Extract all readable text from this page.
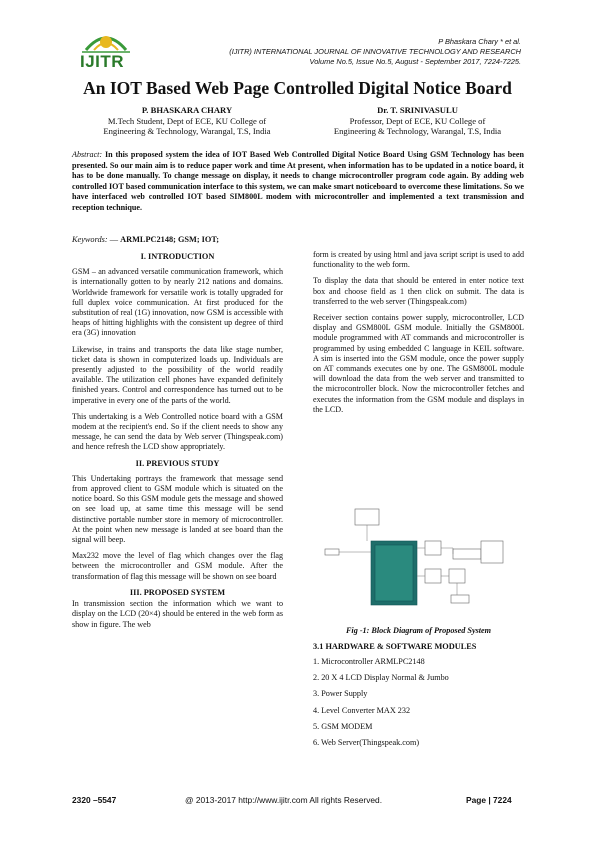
P Bhaskara Chary * et al.
(IJITR) INTERNATIONAL JOURNAL OF INNOVATIVE TECHNOLOGY AND RESEARCH
Volume No.5, Issue No.5, August - September 2017, 7224-7225.
IJITR
An IOT Based Web Page Controlled Digital Notice Board
P. BHASKARA CHARY
M.Tech Student, Dept of ECE, KU College of
Engineering & Technology, Warangal, T.S, India
Dr. T. SRINIVASULU
Professor, Dept of ECE, KU College of
Engineering & Technology, Warangal, T.S, India
Abstract: In this proposed system the idea of IOT Based Web Controlled Digital Notice Board Using GSM Technology has been presented. So our main aim is to reduce paper work and time At present, when information has to be updated in a notice board, it has to be done manually. To change message on display, it needs to change microcontroller program code again. By adding web controlled IOT based communication interface to this system, we can make smart noticeboard to overcome these limitations. So we have interfaced web controlled IOT based SIM800L modem with microcontroller and implemented a text transmission and reception technique.
Keywords: — ARMLPC2148; GSM; IOT;
I. INTRODUCTION

GSM – an advanced versatile communication framework, which is internationally gotten to by nearly 212 nations and domains. Worldwide framework for versatile work is totally upgraded for full duplex voice communication. At first produced for the substitution of real (1G) innovation, now GSM is accessible with heaps of hitting highlights with the consistent up degree of third era (3G) innovation

Likewise, in trains and transports the data like stage number, ticket data is shown in computerized loads up. Individuals are presently adjusted to the possibility of the world readily available. The utilization cell phones have expanded definitely finished years. Control and correspondence has turned out to be imperative in every one of the parts of the world.

This undertaking is a Web Controlled notice board with a GSM modem at the recipient's end. So if the client needs to show any message, he can send the data by Web server (Thingspeak.com) and hence refresh the LCD show appropriately.

II. PREVIOUS STUDY

This Undertaking portrays the framework that message send from approved client to GSM module which is situated on the notice board. So this GSM module gets the message and showed on see load up, at same time this message will be send distinctive portable number store in memory of microcontroller. At the point when new message is landed at see board than the signal will beep.

Max232 move the level of flag which changes over the flag between the microcontroller and GSM module. After the transformation of flag this message will be shown on see board

III. PROPOSED SYSTEM

In transmission section the information which we want to display on the LCD (20×4) should be entered in the web form as show in figure. The web

form is created by using html and java script script is used to add functionality to the web form.

To display the data that should be entered in enter notice text box and choose field as 1 then click on submit. The data is transferred to the web server (Thingspeak.com)

Receiver section contains power supply, microcontroller, LCD display and GSM800L GSM module. Initially the GSM800L module programmed with AT commands and microcontroller is programmed by using embedded C language in KEIL software. A sim is inserted into the GSM module, once the power supply on AT commands executes one by one. The GSM800L module will download the data from the web server and transmitted to the microcontroller block. Now the microcontroller fetches and executes the information from the GSM module and displays in the LCD.

Fig -1: Block Diagram of Proposed System
3.1 HARDWARE & SOFTWARE MODULES
1. Microcontroller ARMLPC2148
2. 20 X 4 LCD Display Normal & Jumbo
3. Power Supply
4. Level Converter MAX 232
5. GSM MODEM
6. Web Server(Thingspeak.com)
2320 –5547	@ 2013-2017 http://www.ijitr.com All rights Reserved.	Page | 7224
